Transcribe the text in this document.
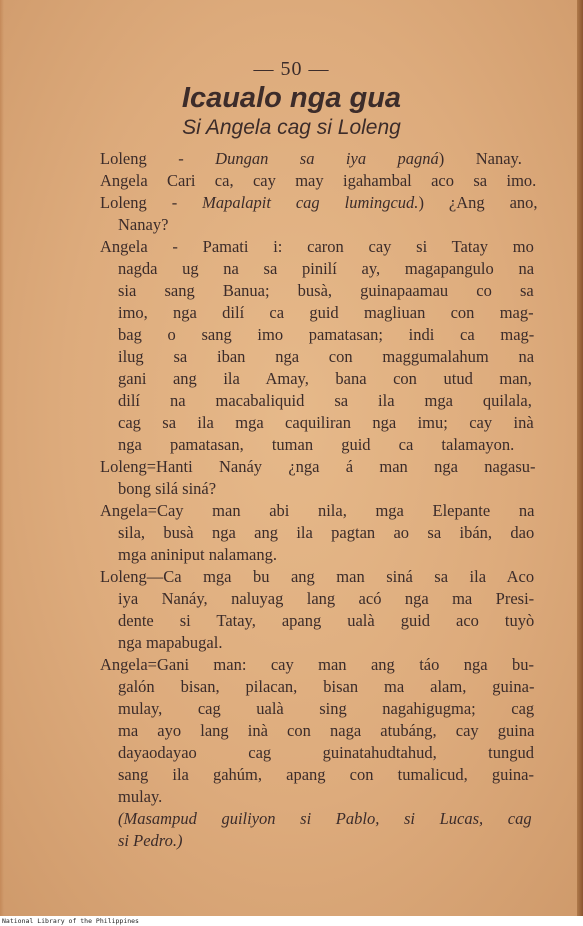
— 50 —
Icaualo nga gua
Si Angela cag si Loleng
Loleng - Dungan sa iya pagná) Nanay.
Angela Cari ca, cay may igahambal aco sa imo.
Loleng - Mapalapit cag lumingcud.) ¿Ang ano,
Nanay?
Angela - Pamati i: caron cay si Tatay mo
nagda ug na sa pinilí ay, magapangulo na
sia sang Banua; busà, guinapaamau co sa
imo, nga dilí ca guid magliuan con mag-
bag o sang imo pamatasan; indi ca mag-
ilug sa iban nga con maggumalahum na
gani ang ila Amay, bana con utud man,
dilí na macabaliquid sa ila mga quilala,
cag sa ila mga caquiliran nga imu; cay inà
nga pamatasan, tuman guid ca talamayon.
Loleng=Hanti Nanáy ¿nga á man nga nagasu-
bong silá siná?
Angela=Cay man abi nila, mga Elepante na
sila, busà nga ang ila pagtan ao sa ibán, dao
mga aniniput nalamang.
Loleng—Ca mga bu ang man siná sa ila Aco
iya Nanáy, naluyag lang acó nga ma Presi-
dente si Tatay, apang ualà guid aco tuyò
nga mapabugal.
Angela=Gani man: cay man ang táo nga bu-
galón bisan, pilacan, bisan ma alam, guina-
mulay, cag ualà sing nagahigugma; cag
ma ayo lang inà con naga atubáng, cay guina
dayaodayao cag guinatahudtahud, tungud
sang ila gahúm, apang con tumalicud, guina-
mulay.
(Masampud guiliyon si Pablo, si Lucas, cag
si Pedro.)
National Library of the Philippines
